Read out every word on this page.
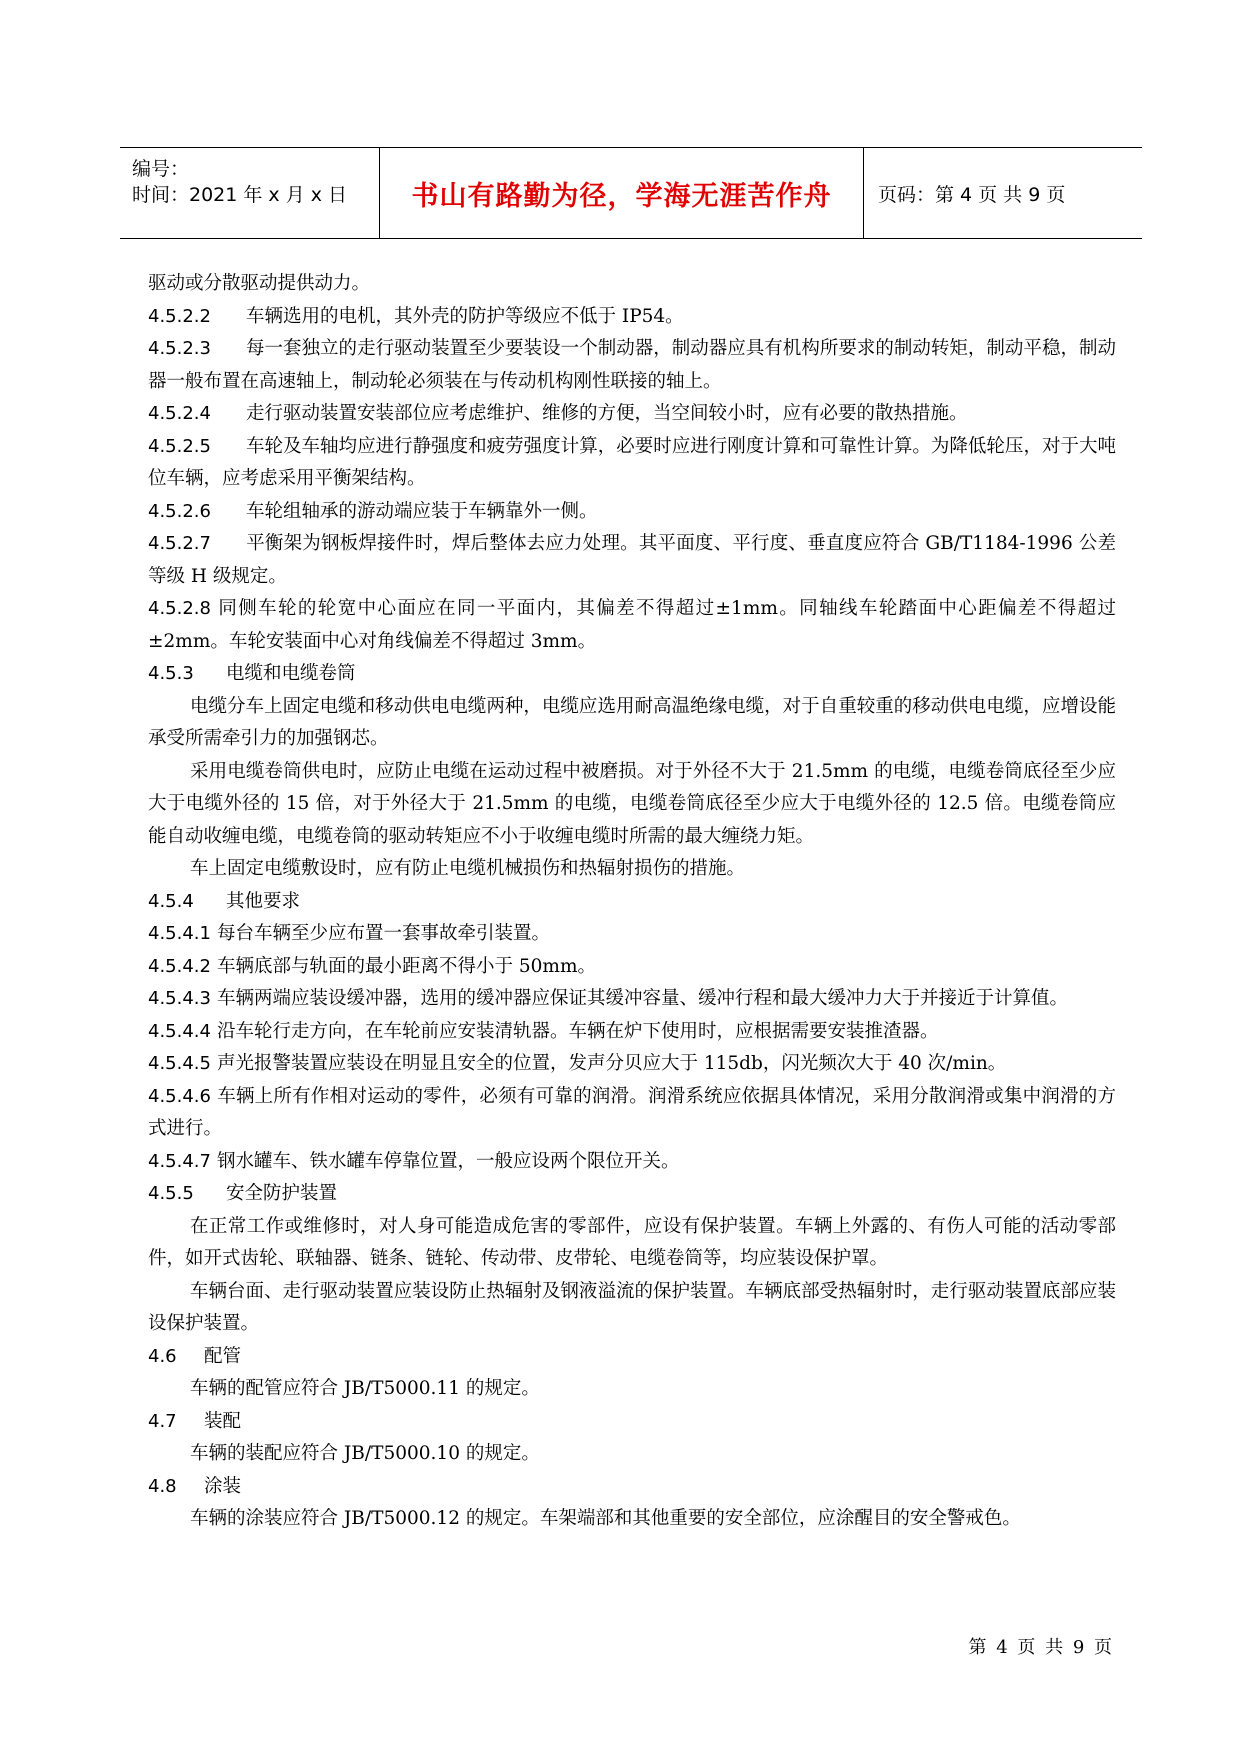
编号：
时间：2021 年 x 月 x 日 书山有路勤为径，学海无涯苦作舟 页码：第 4 页 共 9 页
驱动或分散驱动提供动力。
4.5.2.2 车辆选用的电机，其外壳的防护等级应不低于 IP54。
4.5.2.3 每一套独立的走行驱动装置至少要装设一个制动器，制动器应具有机构所要求的制动转矩，制动平稳，制动器一般布置在高速轴上，制动轮必须装在与传动机构刚性联接的轴上。
4.5.2.4 走行驱动装置安装部位应考虑维护、维修的方便，当空间较小时，应有必要的散热措施。
4.5.2.5 车轮及车轴均应进行静强度和疲劳强度计算，必要时应进行刚度计算和可靠性计算。为降低轮压，对于大吨位车辆，应考虑采用平衡架结构。
4.5.2.6 车轮组轴承的游动端应装于车辆靠外一侧。
4.5.2.7 平衡架为钢板焊接件时，焊后整体去应力处理。其平面度、平行度、垂直度应符合 GB/T1184-1996 公差等级 H 级规定。
4.5.2.8 同侧车轮的轮宽中心面应在同一平面内，其偏差不得超过±1mm。同轴线车轮踏面中心距偏差不得超过±2mm。车轮安装面中心对角线偏差不得超过 3mm。
4.5.3 电缆和电缆卷筒
电缆分车上固定电缆和移动供电电缆两种，电缆应选用耐高温绝缘电缆，对于自重较重的移动供电电缆，应增设能承受所需牵引力的加强钢芯。
采用电缆卷筒供电时，应防止电缆在运动过程中被磨损。对于外径不大于 21.5mm 的电缆，电缆卷筒底径至少应大于电缆外径的 15 倍，对于外径大于 21.5mm 的电缆，电缆卷筒底径至少应大于电缆外径的 12.5 倍。电缆卷筒应能自动收缠电缆，电缆卷筒的驱动转矩应不小于收缠电缆时所需的最大缠绕力矩。
车上固定电缆敷设时，应有防止电缆机械损伤和热辐射损伤的措施。
4.5.4 其他要求
4.5.4.1 每台车辆至少应布置一套事故牵引装置。
4.5.4.2 车辆底部与轨面的最小距离不得小于 50mm。
4.5.4.3 车辆两端应装设缓冲器，选用的缓冲器应保证其缓冲容量、缓冲行程和最大缓冲力大于并接近于计算值。
4.5.4.4 沿车轮行走方向，在车轮前应安装清轨器。车辆在炉下使用时，应根据需要安装推渣器。
4.5.4.5 声光报警装置应装设在明显且安全的位置，发声分贝应大于 115db，闪光频次大于 40 次/min。
4.5.4.6 车辆上所有作相对运动的零件，必须有可靠的润滑。润滑系统应依据具体情况，采用分散润滑或集中润滑的方式进行。
4.5.4.7 钢水罐车、铁水罐车停靠位置，一般应设两个限位开关。
4.5.5 安全防护装置
在正常工作或维修时，对人身可能造成危害的零部件，应设有保护装置。车辆上外露的、有伤人可能的活动零部件，如开式齿轮、联轴器、链条、链轮、传动带、皮带轮、电缆卷筒等，均应装设保护罩。
车辆台面、走行驱动装置应装设防止热辐射及钢液溢流的保护装置。车辆底部受热辐射时，走行驱动装置底部应装设保护装置。
4.6 配管
车辆的配管应符合 JB/T5000.11 的规定。
4.7 装配
车辆的装配应符合 JB/T5000.10 的规定。
4.8 涂装
车辆的涂装应符合 JB/T5000.12 的规定。车架端部和其他重要的安全部位，应涂醒目的安全警戒色。
第 4 页 共 9 页
